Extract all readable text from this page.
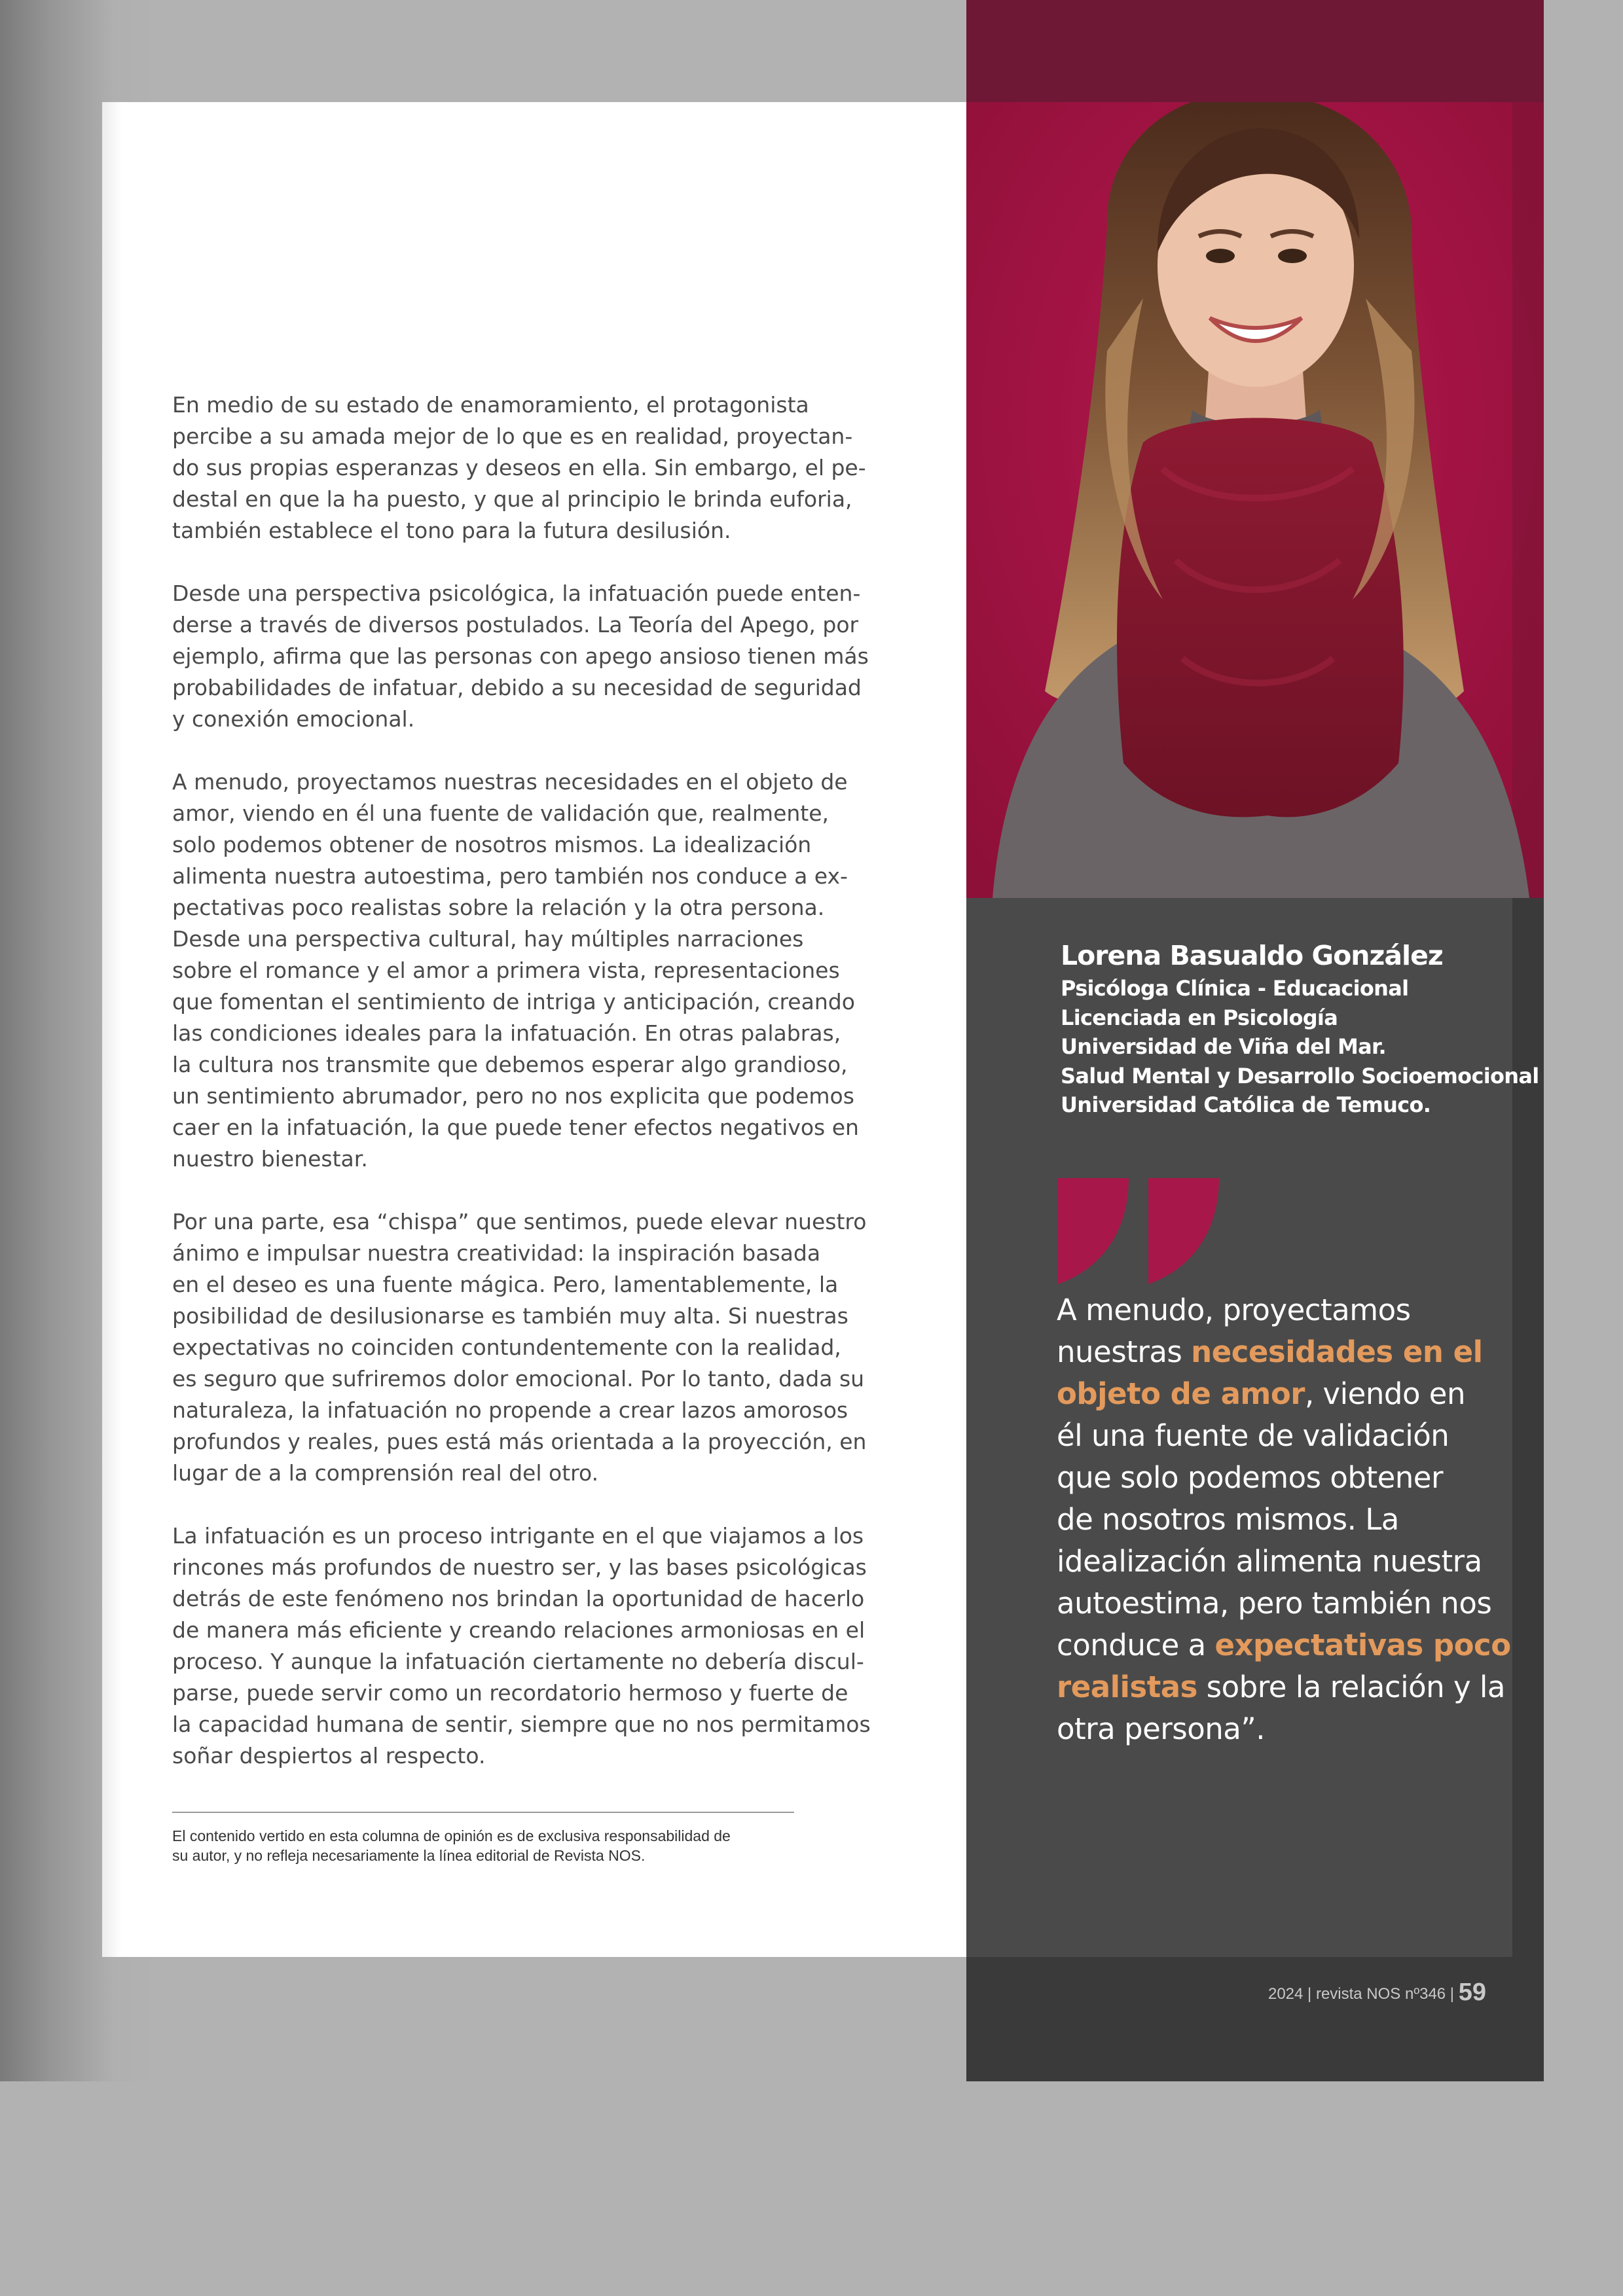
En medio de su estado de enamoramiento, el protagonista
percibe a su amada mejor de lo que es en realidad, proyectan-
do sus propias esperanzas y deseos en ella. Sin embargo, el pe-
destal en que la ha puesto, y que al principio le brinda euforia,
también establece el tono para la futura desilusión.

Desde una perspectiva psicológica, la infatuación puede enten-
derse a través de diversos postulados. La Teoría del Apego, por
ejemplo, afirma que las personas con apego ansioso tienen más
probabilidades de infatuar, debido a su necesidad de seguridad
y conexión emocional.

A menudo, proyectamos nuestras necesidades en el objeto de
amor, viendo en él una fuente de validación que, realmente,
solo podemos obtener de nosotros mismos. La idealización
alimenta nuestra autoestima, pero también nos conduce a ex-
pectativas poco realistas sobre la relación y la otra persona.
Desde una perspectiva cultural, hay múltiples narraciones
sobre el romance y el amor a primera vista, representaciones
que fomentan el sentimiento de intriga y anticipación, creando
las condiciones ideales para la infatuación. En otras palabras,
la cultura nos transmite que debemos esperar algo grandioso,
un sentimiento abrumador, pero no nos explicita que podemos
caer en la infatuación, la que puede tener efectos negativos en
nuestro bienestar.

Por una parte, esa “chispa” que sentimos, puede elevar nuestro
ánimo e impulsar nuestra creatividad: la inspiración basada
en el deseo es una fuente mágica. Pero, lamentablemente, la
posibilidad de desilusionarse es también muy alta. Si nuestras
expectativas no coinciden contundentemente con la realidad,
es seguro que sufriremos dolor emocional. Por lo tanto, dada su
naturaleza, la infatuación no propende a crear lazos amorosos
profundos y reales, pues está más orientada a la proyección, en
lugar de a la comprensión real del otro.

La infatuación es un proceso intrigante en el que viajamos a los
rincones más profundos de nuestro ser, y las bases psicológicas
detrás de este fenómeno nos brindan la oportunidad de hacerlo
de manera más eficiente y creando relaciones armoniosas en el
proceso. Y aunque la infatuación ciertamente no debería discul-
parse, puede servir como un recordatorio hermoso y fuerte de
la capacidad humana de sentir, siempre que no nos permitamos
soñar despiertos al respecto.

El contenido vertido en esta columna de opinión es de exclusiva responsabilidad de
su autor, y no refleja necesariamente la línea editorial de Revista NOS.
Lorena Basualdo González
Psicóloga Clínica - Educacional
Licenciada en Psicología
Universidad de Viña del Mar.
Salud Mental y Desarrollo Socioemocional
Universidad Católica de Temuco.
A menudo, proyectamos
nuestras necesidades en el
objeto de amor, viendo en
él una fuente de validación
que solo podemos obtener
de nosotros mismos. La
idealización alimenta nuestra
autoestima, pero también nos
conduce a expectativas poco
realistas sobre la relación y la
otra persona”.
2024 | revista NOS nº346 | 59
